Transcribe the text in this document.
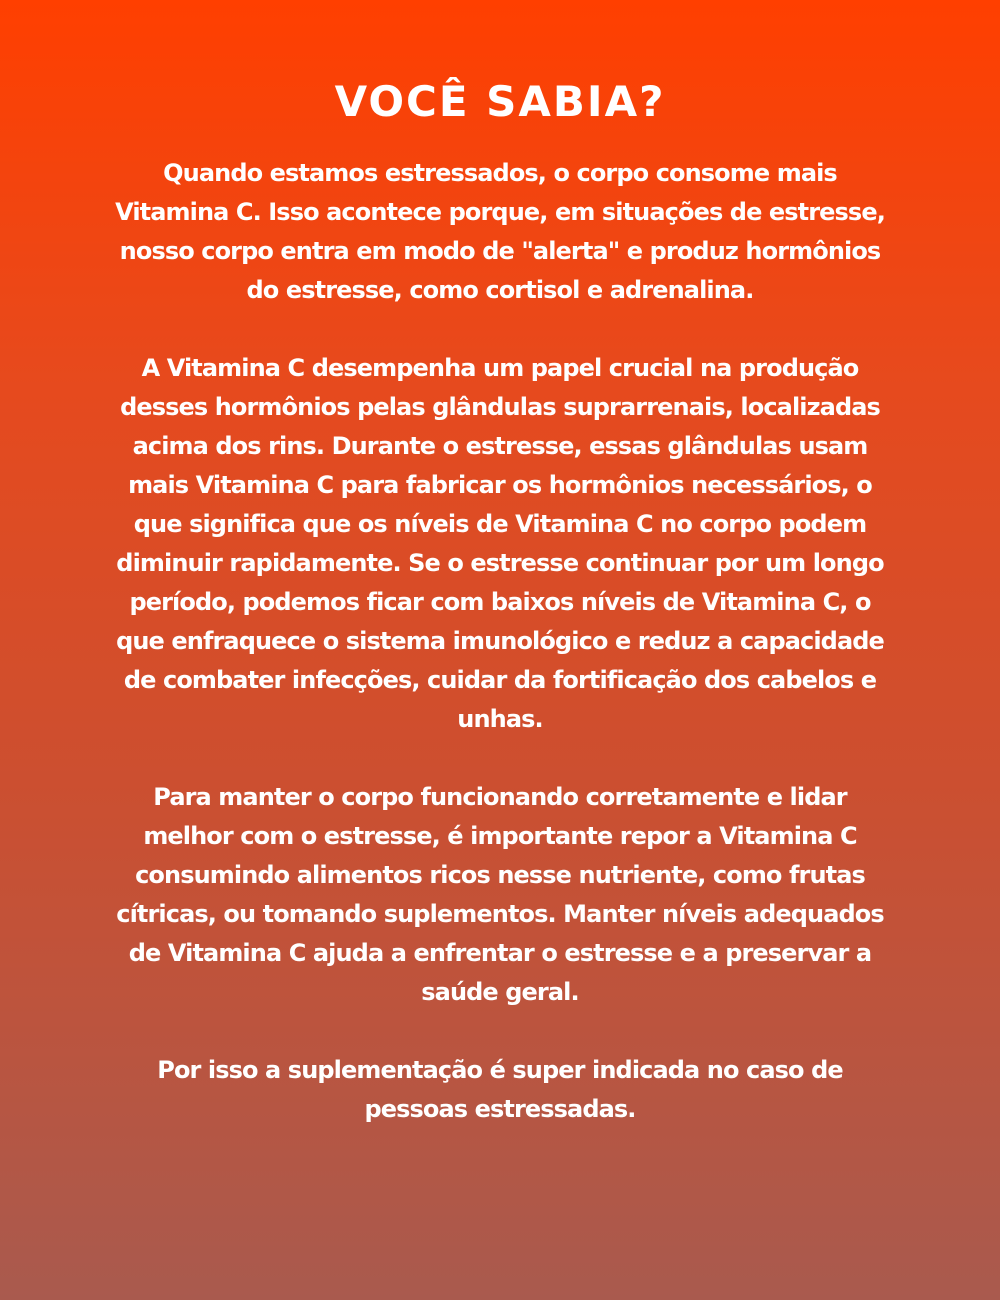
VOCÊ SABIA?

Quando estamos estressados, o corpo consome mais
Vitamina C. Isso acontece porque, em situações de estresse,
nosso corpo entra em modo de "alerta" e produz hormônios
do estresse, como cortisol e adrenalina.

A Vitamina C desempenha um papel crucial na produção
desses hormônios pelas glândulas suprarrenais, localizadas
acima dos rins. Durante o estresse, essas glândulas usam
mais Vitamina C para fabricar os hormônios necessários, o
que significa que os níveis de Vitamina C no corpo podem
diminuir rapidamente. Se o estresse continuar por um longo
período, podemos ficar com baixos níveis de Vitamina C, o
que enfraquece o sistema imunológico e reduz a capacidade
de combater infecções, cuidar da fortificação dos cabelos e
unhas.

Para manter o corpo funcionando corretamente e lidar
melhor com o estresse, é importante repor a Vitamina C
consumindo alimentos ricos nesse nutriente, como frutas
cítricas, ou tomando suplementos. Manter níveis adequados
de Vitamina C ajuda a enfrentar o estresse e a preservar a
saúde geral.

Por isso a suplementação é super indicada no caso de
pessoas estressadas.
